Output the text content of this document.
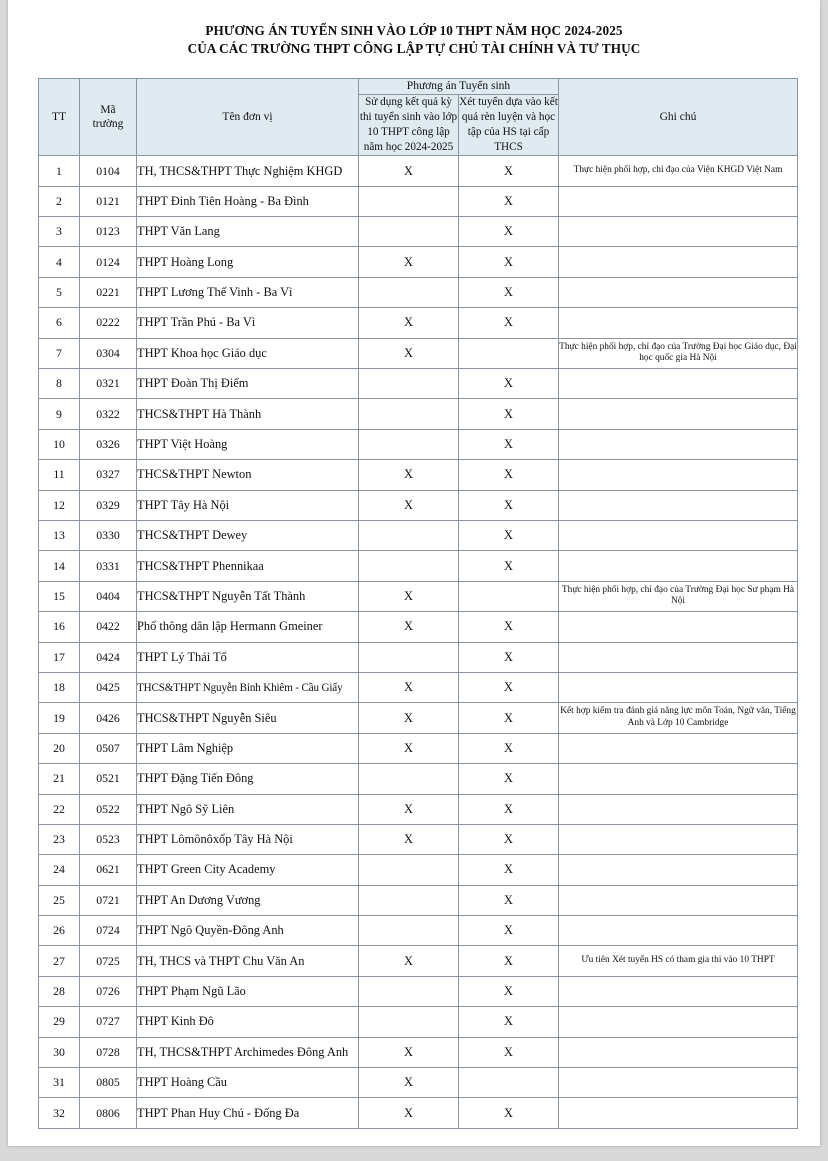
PHƯƠNG ÁN TUYỂN SINH VÀO LỚP 10 THPT NĂM HỌC 2024-2025
CỦA CÁC TRƯỜNG THPT CÔNG LẬP TỰ CHỦ TÀI CHÍNH VÀ TƯ THỤC
TT	Mã
trường	Tên đơn vị	Phương án Tuyển sinh		Ghi chú
			Sử dụng kết quả kỳ thi tuyển sinh vào lớp 10 THPT công lập năm học 2024-2025	Xét tuyển dựa vào kết quả rèn luyện và học tập của HS tại cấp THCS	
1	0104	TH, THCS&THPT Thực Nghiệm KHGD	X	X	Thực hiện phối hợp, chỉ đạo của Viện KHGD Việt Nam
2	0121	THPT Đinh Tiên Hoàng - Ba Đình		X	
3	0123	THPT Văn Lang		X	
4	0124	THPT Hoàng Long	X	X	
5	0221	THPT Lương Thế Vinh - Ba Vì		X	
6	0222	THPT Trần Phú - Ba Vì	X	X	
7	0304	THPT Khoa học Giáo dục	X		Thực hiện phối hợp, chỉ đạo của Trường Đại học Giáo dục, Đại học quốc gia Hà Nội
8	0321	THPT Đoàn Thị Điểm		X	
9	0322	THCS&THPT Hà Thành		X	
10	0326	THPT Việt Hoàng		X	
11	0327	THCS&THPT Newton	X	X	
12	0329	THPT Tây Hà Nội	X	X	
13	0330	THCS&THPT Dewey		X	
14	0331	THCS&THPT Phennikaa		X	
15	0404	THCS&THPT Nguyễn Tất Thành	X		Thực hiện phối hợp, chỉ đạo của Trường Đại học Sư phạm Hà Nội
16	0422	Phổ thông dân lập Hermann Gmeiner	X	X	
17	0424	THPT Lý Thái Tổ		X	
18	0425	THCS&THPT Nguyễn Bỉnh Khiêm - Cầu Giấy	X	X	
19	0426	THCS&THPT Nguyễn Siêu	X	X	Kết hợp kiểm tra đánh giá năng lực môn Toán, Ngữ văn, Tiếng Anh và Lớp 10 Cambridge
20	0507	THPT Lâm Nghiệp	X	X	
21	0521	THPT Đặng Tiến Đông		X	
22	0522	THPT Ngô Sỹ Liên	X	X	
23	0523	THPT Lômônôxốp Tây Hà Nội	X	X	
24	0621	THPT Green City Academy		X	
25	0721	THPT An Dương Vương		X	
26	0724	THPT Ngô Quyền-Đông Anh		X	
27	0725	TH, THCS và THPT Chu Văn An	X	X	Ưu tiên Xét tuyển HS có tham gia thi vào 10 THPT
28	0726	THPT Phạm Ngũ Lão		X	
29	0727	THPT Kinh Đô		X	
30	0728	TH, THCS&THPT Archimedes Đông Anh	X	X	
31	0805	THPT Hoàng Cầu	X		
32	0806	THPT Phan Huy Chú - Đống Đa	X	X	
